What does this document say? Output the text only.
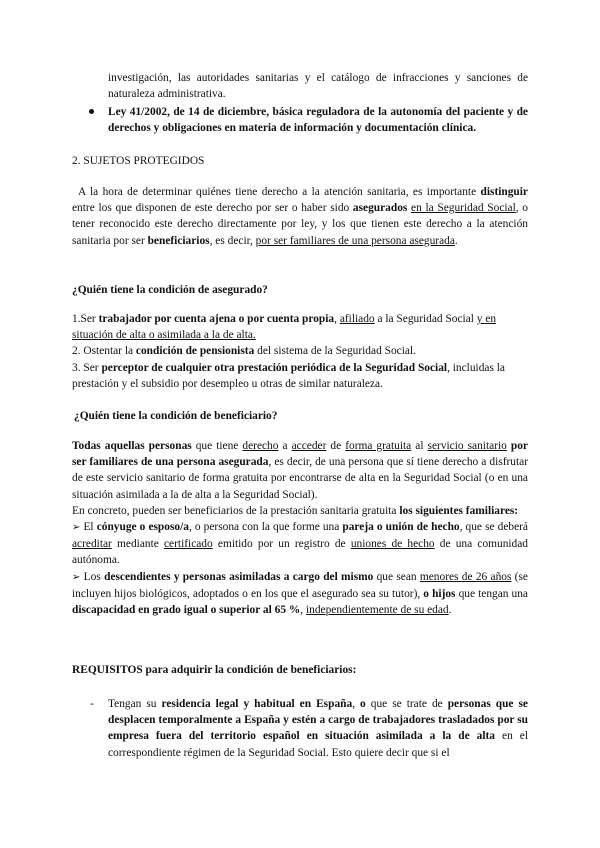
investigación, las autoridades sanitarias y el catálogo de infracciones y sanciones de naturaleza administrativa.

Ley 41/2002, de 14 de diciembre, básica reguladora de la autonomía del paciente y de derechos y obligaciones en materia de información y documentación clínica.

2. SUJETOS PROTEGIDOS

A la hora de determinar quiénes tiene derecho a la atención sanitaria, es importante distinguir entre los que disponen de este derecho por ser o haber sido asegurados en la Seguridad Social, o tener reconocido este derecho directamente por ley, y los que tienen este derecho a la atención sanitaria por ser beneficiarios, es decir, por ser familiares de una persona asegurada.

¿Quién tiene la condición de asegurado?

1.Ser trabajador por cuenta ajena o por cuenta propia, afiliado a la Seguridad Social y en situación de alta o asimilada a la de alta.

2. Ostentar la condición de pensionista del sistema de la Seguridad Social.

3. Ser perceptor de cualquier otra prestación periódica de la Seguridad Social, incluidas la prestación y el subsidio por desempleo u otras de similar naturaleza.

¿Quién tiene la condición de beneficiario?

Todas aquellas personas que tiene derecho a acceder de forma gratuita al servicio sanitario por ser familiares de una persona asegurada, es decir, de una persona que sí tiene derecho a disfrutar de este servicio sanitario de forma gratuita por encontrarse de alta en la Seguridad Social (o en una situación asimilada a la de alta a la Seguridad Social).

En concreto, pueden ser beneficiarios de la prestación sanitaria gratuita los siguientes familiares:

➢ El cónyuge o esposo/a, o persona con la que forme una pareja o unión de hecho, que se deberá acreditar mediante certificado emitido por un registro de uniones de hecho de una comunidad autónoma.

➢ Los descendientes y personas asimiladas a cargo del mismo que sean menores de 26 años (se incluyen hijos biológicos, adoptados o en los que el asegurado sea su tutor), o hijos que tengan una discapacidad en grado igual o superior al 65 %, independientemente de su edad.

REQUISITOS para adquirir la condición de beneficiarios:

- Tengan su residencia legal y habitual en España, o que se trate de personas que se desplacen temporalmente a España y estén a cargo de trabajadores trasladados por su empresa fuera del territorio español en situación asimilada a la de alta en el correspondiente régimen de la Seguridad Social. Esto quiere decir que si el
